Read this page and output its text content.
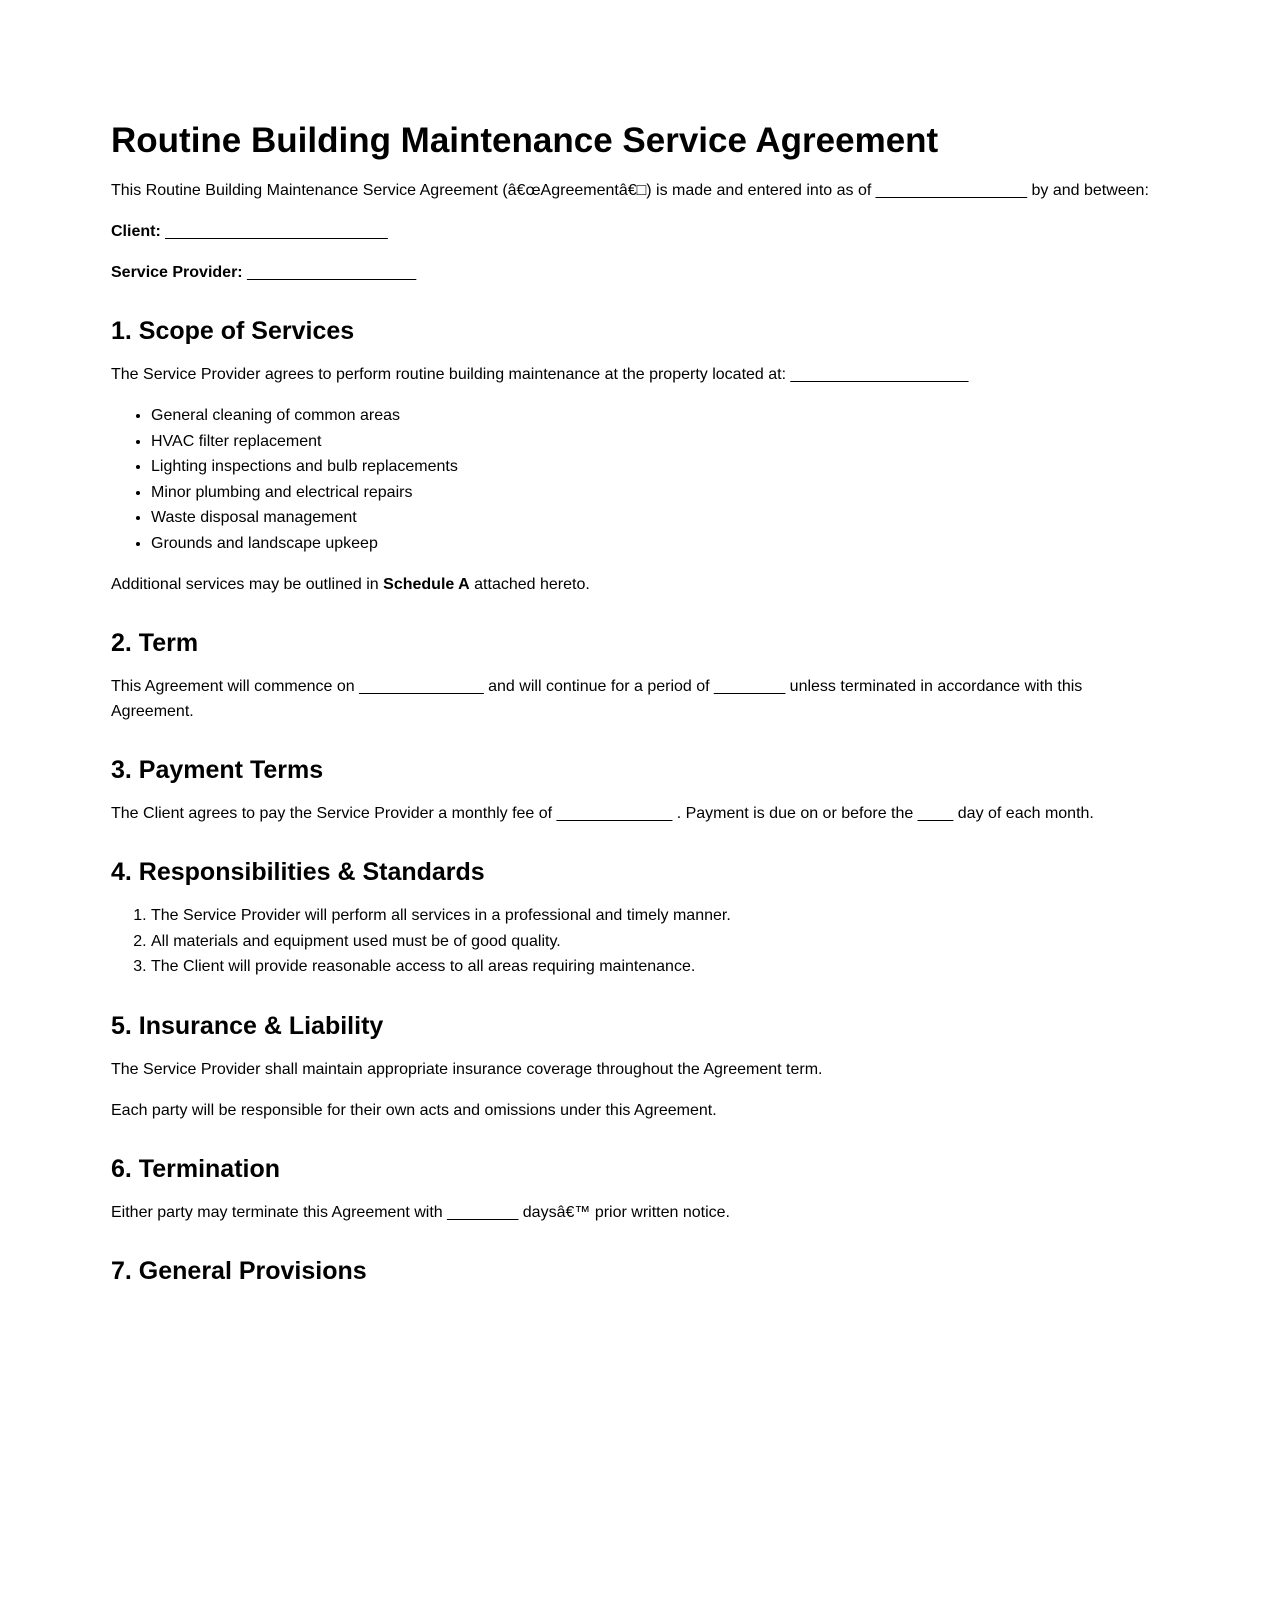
Routine Building Maintenance Service Agreement

This Routine Building Maintenance Service Agreement (â€œAgreementâ€□) is made and entered into as of _________________ by and between:

Client: _________________________

Service Provider: ___________________

1. Scope of Services

The Service Provider agrees to perform routine building maintenance at the property located at: ____________________

• General cleaning of common areas
• HVAC filter replacement
• Lighting inspections and bulb replacements
• Minor plumbing and electrical repairs
• Waste disposal management
• Grounds and landscape upkeep

Additional services may be outlined in Schedule A attached hereto.

2. Term

This Agreement will commence on ______________ and will continue for a period of ________ unless terminated in accordance with this Agreement.

3. Payment Terms

The Client agrees to pay the Service Provider a monthly fee of _____________ . Payment is due on or before the ____ day of each month.

4. Responsibilities & Standards
1. The Service Provider will perform all services in a professional and timely manner.
2. All materials and equipment used must be of good quality.
3. The Client will provide reasonable access to all areas requiring maintenance.
5. Insurance & Liability

The Service Provider shall maintain appropriate insurance coverage throughout the Agreement term.

Each party will be responsible for their own acts and omissions under this Agreement.

6. Termination

Either party may terminate this Agreement with ________ daysâ€™ prior written notice.

7. General Provisions
